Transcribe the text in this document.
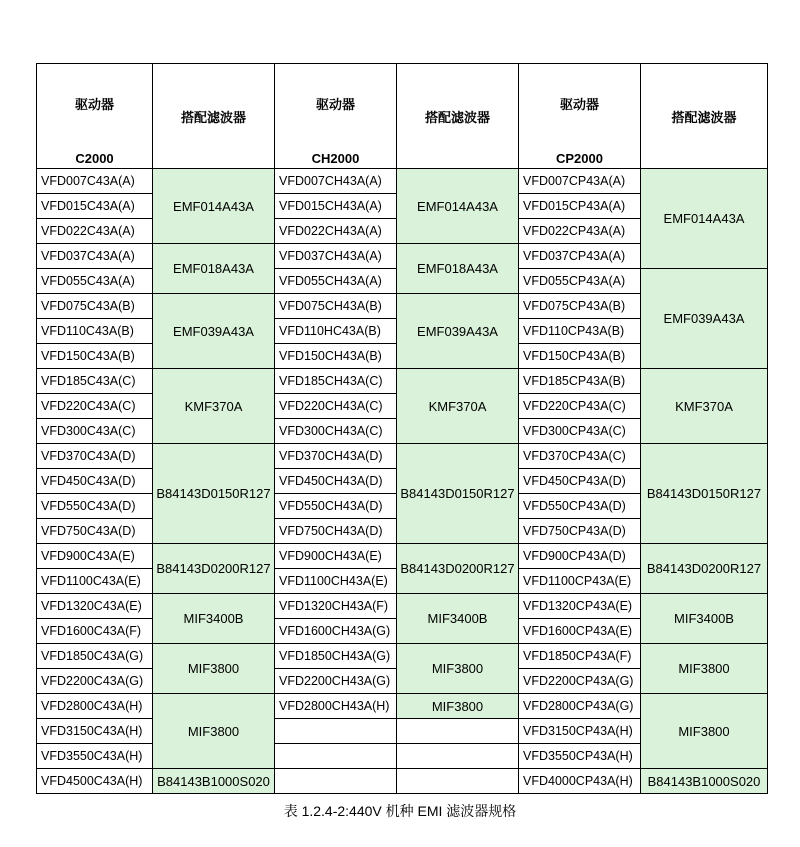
驱动器	搭配滤波器	驱动器	搭配滤波器	驱动器	搭配滤波器
C2000		CH2000		CP2000	
VFD007C43A(A)	EMF014A43A	VFD007CH43A(A)	EMF014A43A	VFD007CP43A(A)	EMF014A43A
VFD015C43A(A)		VFD015CH43A(A)		VFD015CP43A(A)	
VFD022C43A(A)		VFD022CH43A(A)		VFD022CP43A(A)	
VFD037C43A(A)	EMF018A43A	VFD037CH43A(A)	EMF018A43A	VFD037CP43A(A)	
VFD055C43A(A)		VFD055CH43A(A)		VFD055CP43A(A)	EMF039A43A
VFD075C43A(B)	EMF039A43A	VFD075CH43A(B)	EMF039A43A	VFD075CP43A(B)	
VFD110C43A(B)		VFD110HC43A(B)		VFD110CP43A(B)	
VFD150C43A(B)		VFD150CH43A(B)		VFD150CP43A(B)	
VFD185C43A(C)	KMF370A	VFD185CH43A(C)	KMF370A	VFD185CP43A(B)	KMF370A
VFD220C43A(C)		VFD220CH43A(C)		VFD220CP43A(C)	
VFD300C43A(C)		VFD300CH43A(C)		VFD300CP43A(C)	
VFD370C43A(D)	B84143D0150R127	VFD370CH43A(D)	B84143D0150R127	VFD370CP43A(C)	B84143D0150R127
VFD450C43A(D)		VFD450CH43A(D)		VFD450CP43A(D)	
VFD550C43A(D)		VFD550CH43A(D)		VFD550CP43A(D)	
VFD750C43A(D)		VFD750CH43A(D)		VFD750CP43A(D)	
VFD900C43A(E)	B84143D0200R127	VFD900CH43A(E)	B84143D0200R127	VFD900CP43A(D)	B84143D0200R127
VFD1100C43A(E)		VFD1100CH43A(E)		VFD1100CP43A(E)	
VFD1320C43A(E)	MIF3400B	VFD1320CH43A(F)	MIF3400B	VFD1320CP43A(E)	MIF3400B
VFD1600C43A(F)		VFD1600CH43A(G)		VFD1600CP43A(E)	
VFD1850C43A(G)	MIF3800	VFD1850CH43A(G)	MIF3800	VFD1850CP43A(F)	MIF3800
VFD2200C43A(G)		VFD2200CH43A(G)		VFD2200CP43A(G)	
VFD2800C43A(H)	MIF3800	VFD2800CH43A(H)	MIF3800	VFD2800CP43A(G)	MIF3800
VFD3150C43A(H)				VFD3150CP43A(H)	
VFD3550C43A(H)				VFD3550CP43A(H)	
VFD4500C43A(H)	B84143B1000S020			VFD4000CP43A(H)	B84143B1000S020
表 1.2.4-2:440V 机种 EMI 滤波器规格
